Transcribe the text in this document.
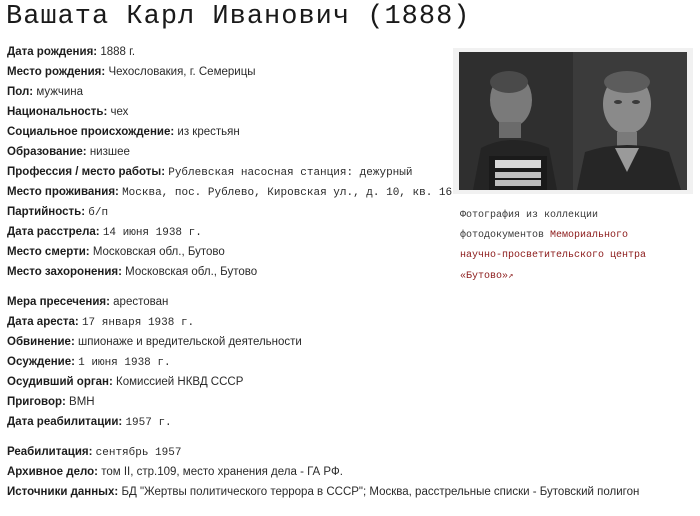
Вашата Карл Иванович (1888)
Дата рождения: 1888 г.
Место рождения: Чехословакия, г. Семерицы
Пол: мужчина
Национальность: чех
Социальное происхождение: из крестьян
Образование: низшее
Профессия / место работы: Рублевская насосная станция: дежурный
Место проживания: Москва, пос. Рублево, Кировская ул., д. 10, кв. 16
Партийность: б/п
Дата расстрела: 14 июня 1938 г.
Место смерти: Московская обл., Бутово
Место захоронения: Московская обл., Бутово
Мера пресечения: арестован
Дата ареста: 17 января 1938 г.
Обвинение: шпионаже и вредительской деятельности
Осуждение: 1 июня 1938 г.
Осудивший орган: Комиссией НКВД СССР
Приговор: ВМН
Дата реабилитации: 1957 г.
Реабилитация: сентябрь 1957
Архивное дело: том II, стр.109, место хранения дела - ГА РФ.
Источники данных: БД "Жертвы политического террора в СССР"; Москва, расстрельные списки - Бутовский полигон
Фотография из коллекции
фотодокументов Мемориального
научно-просветительского центра
«Бутово»↗
